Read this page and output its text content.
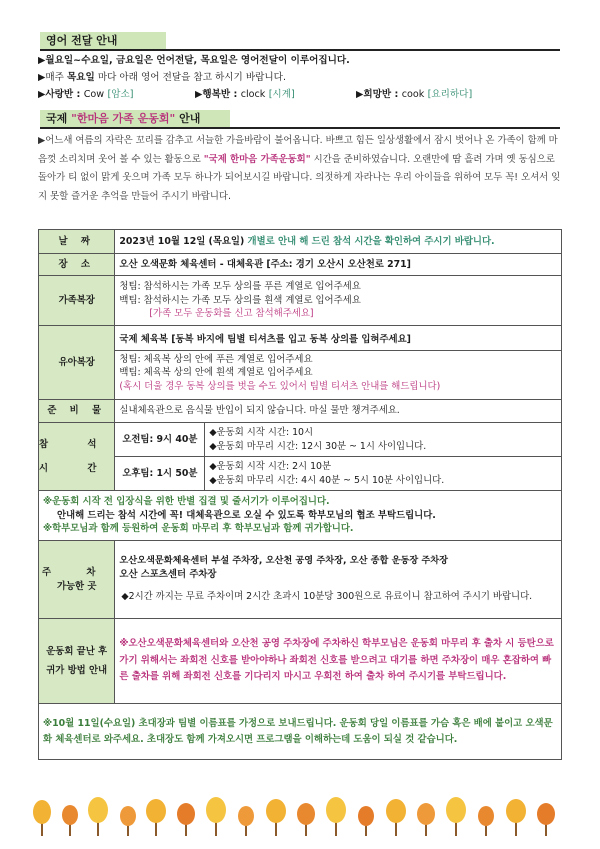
영어 전달 안내
▶월요일~수요일, 금요일은 언어전달, 목요일은 영어전달이 이루어집니다.
▶매주 목요일 마다 아래 영어 전달을 참고 하시기 바랍니다.
▶사랑반 : Cow [암소]	▶행복반 : clock [시계]	▶희망반 : cook [요리하다]
국제 "한마음 가족 운동회" 안내
▶어느새 여름의 자락은 꼬리를 감추고 서늘한 가을바람이 불어옵니다. 바쁘고 힘든 일상생활에서 잠시 벗어나 온 가족이 함께 마음껏 소리치며 웃어 볼 수 있는 활동으로 "국제 한마음 가족운동회" 시간을 준비하였습니다. 오랜만에 땀 흘려 가며 옛 동심으로 돌아가 티 없이 맑게 웃으며 가족 모두 하나가 되어보시길 바랍니다. 의젓하게 자라나는 우리 아이들을 위하여 모두 꼭! 오셔서 잊지 못할 즐거운 추억을 만들어 주시기 바랍니다.
날 짜	2023년 10월 12일 (목요일) 개별로 안내 해 드린 참석 시간을 확인하여 주시기 바랍니다.	
장 소	오산 오색문화 체육센터 - 대체육관 [주소: 경기 오산시 오산천로 271]	
가족복장	청팀: 참석하시는 가족 모두 상의를 푸른 계열로 입어주세요
백팀: 참석하시는 가족 모두 상의를 흰색 계열로 입어주세요
[가족 모두 운동화를 신고 참석해주세요]	

유아복장	국제 체육복 [동복 바지에 팀별 티셔츠를 입고 동복 상의를 입혀주세요]
청팀: 체육복 상의 안에 푸른 계열로 입어주세요
백팀: 체육복 상의 안에 흰색 계열로 입어주세요
(혹시 더울 경우 동복 상의를 벗을 수도 있어서 팀별 티셔츠 안내를 해드립니다)	

준 비 물	실내체육관으로 음식물 반입이 되지 않습니다. 마실 물만 챙겨주세요.	

참 석
시 간	오전팀: 9시 40분	◆운동회 시작 시간: 10시
◆운동회 마무리 시간: 12시 30분 ~ 1시 사이입니다.

	오후팀: 1시 50분	◆운동회 시작 시간: 2시 10분
◆운동회 마무리 시간: 4시 40분 ~ 5시 10분 사이입니다.

※운동회 시작 전 입장식을 위한 반별 집결 및 줄서기가 이루어집니다.
안내해 드리는 참석 시간에 꼭! 대체육관으로 오실 수 있도록 학부모님의 협조 부탁드립니다.
※학부모님과 함께 등원하여 운동회 마무리 후 학부모님과 함께 귀가합니다.		

주 차
가능한 곳	오산오색문화체육센터 부설 주차장, 오산천 공영 주차장, 오산 종합 운동장 주차장
오산 스포츠센터 주차장
◆2시간 까지는 무료 주차이며 2시간 초과시 10분당 300원으로 유료이니 참고하여 주시기 바랍니다.	

운동회 끝난 후
귀가 방법 안내	※오산오색문화체육센터와 오산천 공영 주차장에 주차하신 학부모님은 운동회 마무리 후 출차 시 등탄으로 가기 위해서는 좌회전 신호를 받아야하나 좌회전 신호를 받으려고 대기를 하면 주차장이 매우 혼잡하여 빠른 출차를 위해 좌회전 신호를 기다리지 마시고 우회전 하여 출차 하여 주시기를 부탁드립니다.	
※10월 11일(수요일) 초대장과 팀별 이름표를 가정으로 보내드립니다. 운동회 당일 이름표를 가슴 혹은 배에 붙이고 오색문화 체육센터로 와주세요. 초대장도 함께 가져오시면 프로그램을 이해하는데 도움이 되실 것 같습니다.		
